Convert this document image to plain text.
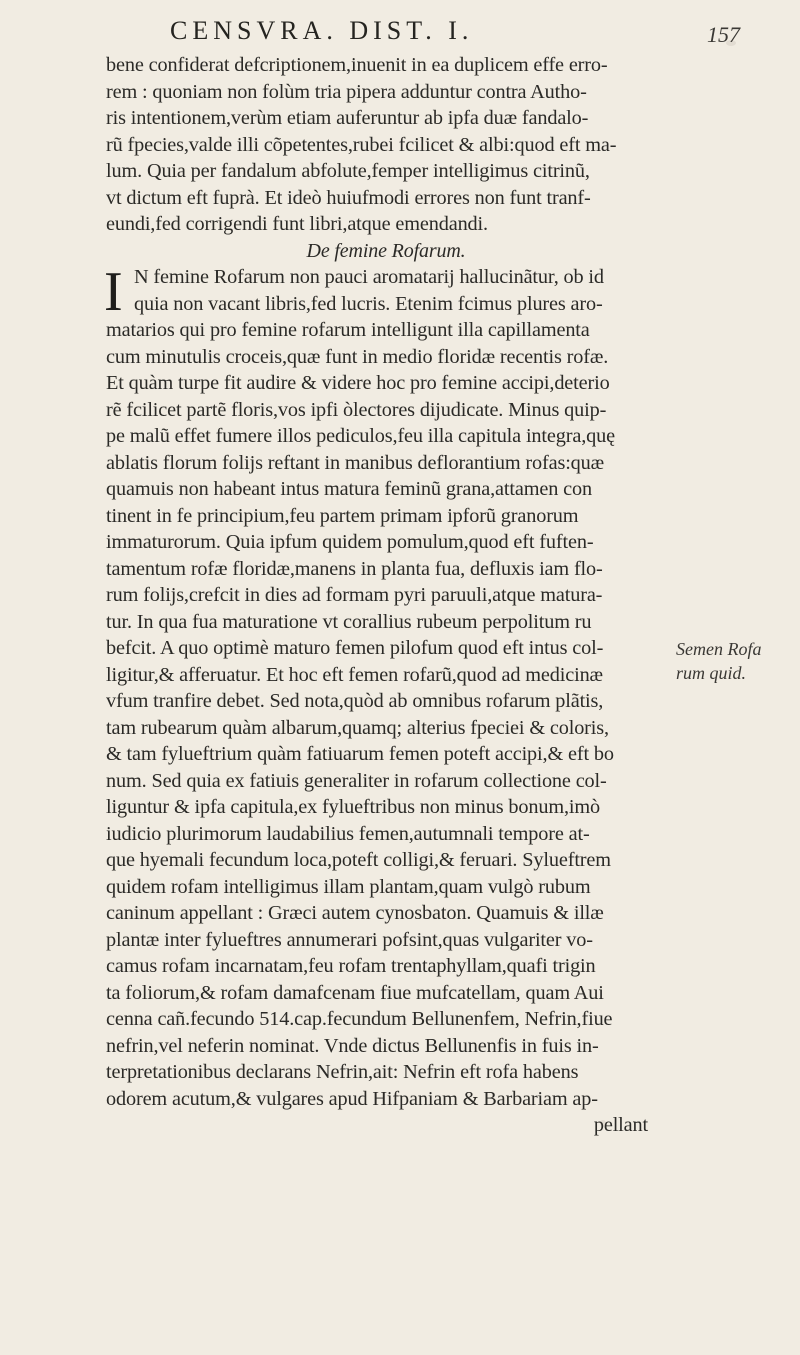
CENSVRA. DIST. I.	157
bene confiderat defcriptionem,inuenit in ea duplicem effe erro-
rem : quoniam non folùm tria pipera adduntur contra Autho-
ris intentionem,verùm etiam auferuntur ab ipfa duæ fandalo-
rũ fpecies,valde illi cõpetentes,rubei fcilicet & albi:quod eft ma-
lum. Quia per fandalum abfolute,femper intelligimus citrinũ,
vt dictum eft fuprà. Et ideò huiufmodi errores non funt tranf-
eundi,fed corrigendi funt libri,atque emendandi.
De femine Rofarum.
I N femine Rofarum non pauci aromatarij hallucinãtur, ob id
quia non vacant libris,fed lucris. Etenim fcimus plures aro-
matarios qui pro femine rofarum intelligunt illa capillamenta
cum minutulis croceis,quæ funt in medio floridæ recentis rofæ.
Et quàm turpe fit audire & videre hoc pro femine accipi,deterio
rẽ fcilicet partẽ floris,vos ipfi òlectores dijudicate. Minus quip-
pe malũ effet fumere illos pediculos,feu illa capitula integra,quę
ablatis florum folijs reftant in manibus deflorantium rofas:quæ
quamuis non habeant intus matura feminũ grana,attamen con
tinent in fe principium,feu partem primam ipforũ granorum
immaturorum. Quia ipfum quidem pomulum,quod eft fuften-
tamentum rofæ floridæ,manens in planta fua, defluxis iam flo-
rum folijs,crefcit in dies ad formam pyri paruuli,atque matura-
tur. In qua fua maturatione vt corallius rubeum perpolitum ru
befcit. A quo optimè maturo femen pilofum quod eft intus col-
ligitur,& afferuatur. Et hoc eft femen rofarũ,quod ad medicinæ
vfum tranfire debet. Sed nota,quòd ab omnibus rofarum plãtis,
tam rubearum quàm albarum,quamq; alterius fpeciei & coloris,
& tam fylueftrium quàm fatiuarum femen poteft accipi,& eft bo
num. Sed quia ex fatiuis generaliter in rofarum collectione col-
liguntur & ipfa capitula,ex fylueftribus non minus bonum,imò
iudicio plurimorum laudabilius femen,autumnali tempore at-
que hyemali fecundum loca,poteft colligi,& feruari. Sylueftrem
quidem rofam intelligimus illam plantam,quam vulgò rubum
caninum appellant : Græci autem cynosbaton. Quamuis & illæ
plantæ inter fylueftres annumerari pofsint,quas vulgariter vo-
camus rofam incarnatam,feu rofam trentaphyllam,quafi trigin
ta foliorum,& rofam damafcenam fiue mufcatellam, quam Aui
cenna cañ.fecundo 514.cap.fecundum Bellunenfem, Nefrin,fiue
nefrin,vel neferin nominat. Vnde dictus Bellunenfis in fuis in-
terpretationibus declarans Nefrin,ait: Nefrin eft rofa habens
odorem acutum,& vulgares apud Hifpaniam & Barbariam ap-
pellant
Semen Rofa
rum quid.
